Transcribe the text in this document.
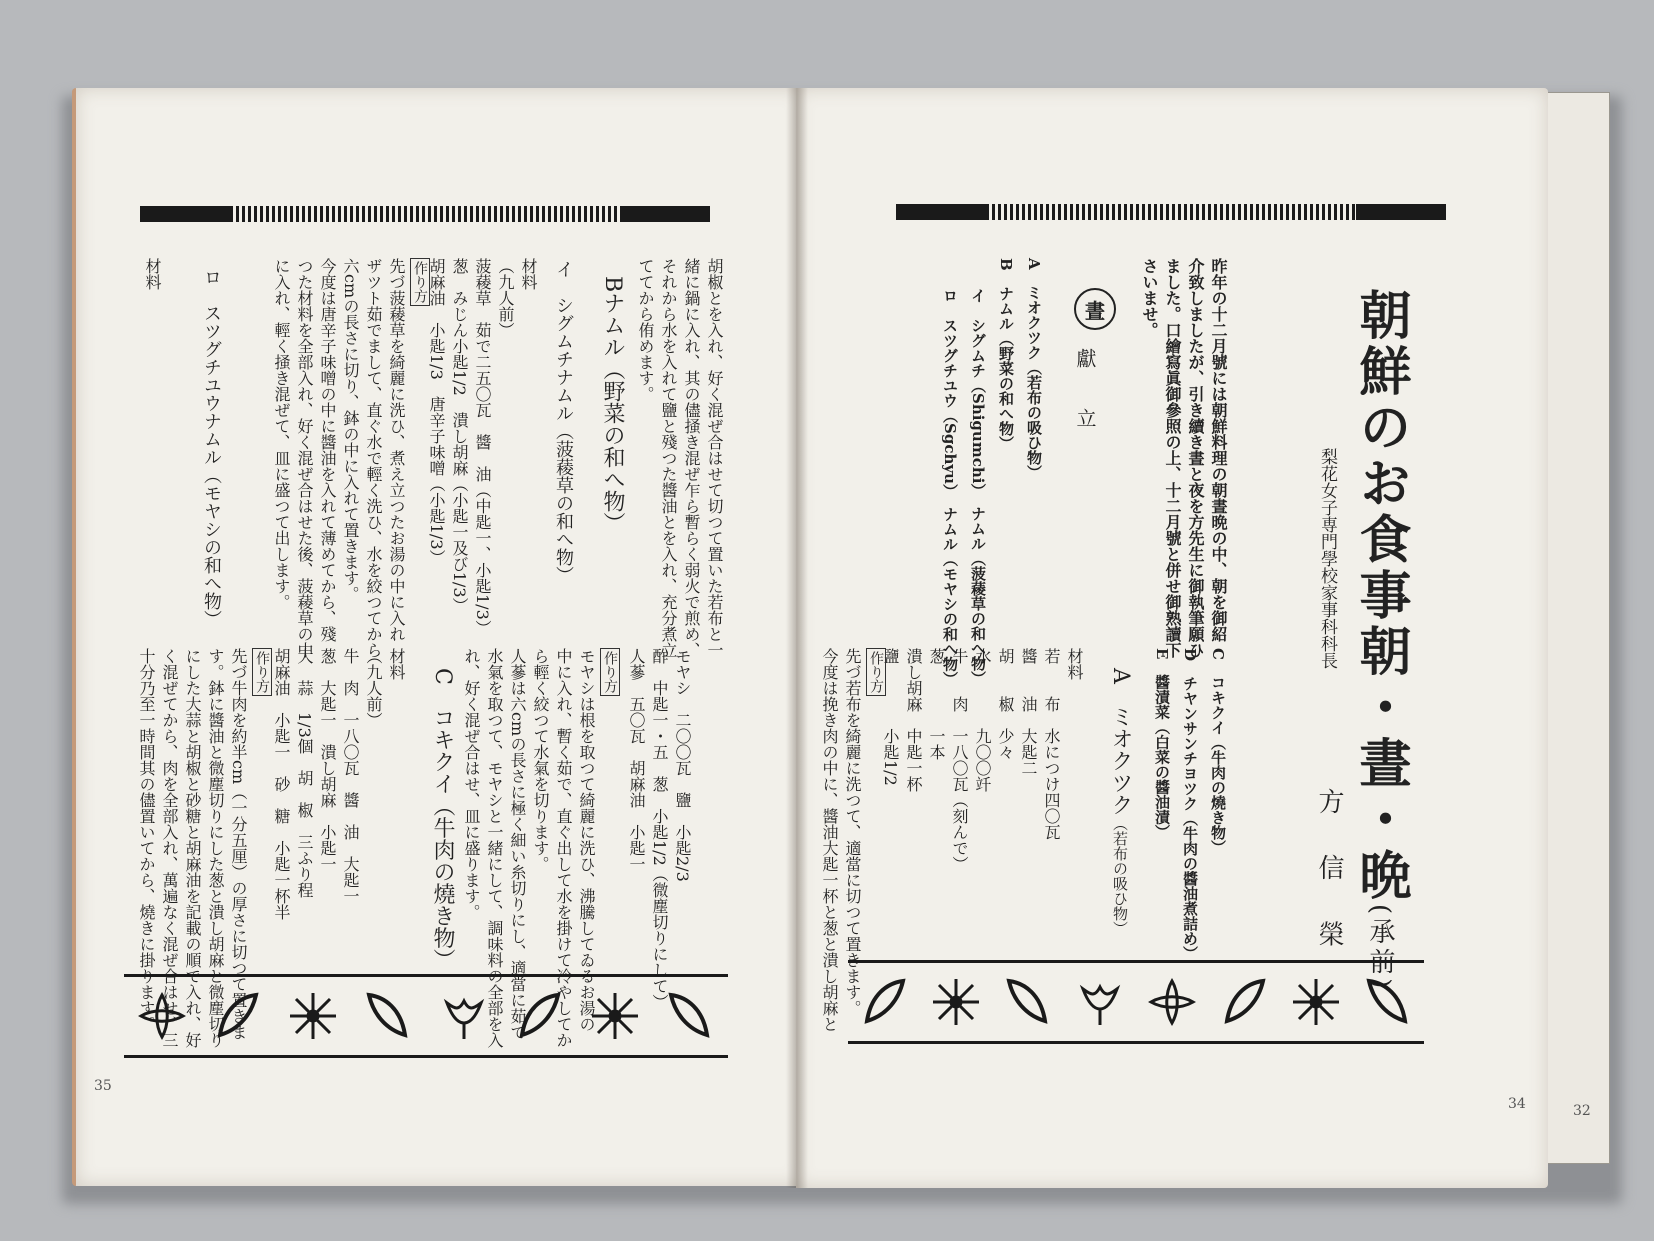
32
胡椒とを入れ、好く混ぜ合はせて切つて置いた若布と一
緒に鍋に入れ、其の儘掻き混ぜ乍ら暫らく弱火で煎め、
それから水を入れて鹽と殘つた醬油とを入れ、充分煮立
ててから侑めます。
Bナムル（野菜の和へ物）
イ　シグムチナムル（菠薐草の和へ物）
材料
（九人前）
菠薐草　茹で二五〇瓦　醬　油（中匙一、小匙1/3）
葱　みじん小匙1/2　潰し胡麻（小匙一及び1/3）
胡麻油　小匙1/3　唐辛子味噌（小匙1/3）
作り方
先づ菠薐草を綺麗に洗ひ、煮え立つたお湯の中に入れ
ザツト茹でまして、直ぐ水で輕く洗ひ、水を絞つてから
六cmの長さに切り、鉢の中に入れて置きます。
今度は唐辛子味噌の中に醬油を入れて薄めてから、殘
つた材料を全部入れ、好く混ぜ合はせた後、菠薐草の中
に入れ、輕く掻き混ぜて、皿に盛つて出します。
ロ　スツグチユウナムル（モヤシの和へ物）
材料
モヤシ　二〇〇瓦　鹽　小匙2/3
酢　中匙一・五　葱　小匙1/2（微塵切りにして）
人蔘　五〇瓦　胡麻油　小匙一
作り方
モヤシは根を取つて綺麗に洗ひ、沸騰してゐるお湯の
中に入れ、暫く茹で、直ぐ出して水を掛けて冷やしてか
ら輕く絞つて水氣を切ります。
人蔘は六cmの長さに極く細い糸切りにし、適當に茹で
水氣を取つて、モヤシと一緒にして、調味料の全部を入
れ、好く混ぜ合はせ、皿に盛ります。
C　コキクイ（牛肉の燒き物）
材料
（九人前）
牛　肉　一八〇瓦　醬　油　大匙一
葱　大匙一　潰し胡麻　小匙一
大　蒜　1/3個　胡　椒　三ふり程
胡麻油　小匙一　砂　糖　小匙一杯半
作り方
先づ牛肉を約半cm（一分五厘）の厚さに切つて置きま
す。鉢に醬油と微塵切りにした葱と潰し胡麻と微塵切り
にした大蒜と胡椒と砂糖と胡麻油を記載の順で入れ、好
く混ぜてから、肉を全部入れ、萬遍なく混ぜ合はせ、三
十分乃至一時間其の儘置いてから、燒きに掛ります。
35
朝鮮のお食事朝・晝・晩(承前)
梨花女子専門學校家事科科長
方 信 榮
昨年の十二月號には朝鮮料理の朝晝晩の中、朝を御紹
介致しましたが、引き續き晝と夜を方先生に御執筆願ひ
ました。口繪寫眞御參照の上、十二月號と併せ御熟讀下
さいませ。
晝
獻　立
A　ミオクツク（若布の吸ひ物）
B　ナムル（野菜の和へ物）
　　イ　シグムチ（Shigumchi）　ナムル（菠薐草の和へ物）
　　ロ　スツグチユウ（Sgchyu）　ナムル（モヤシの和へ物）
C　コキクイ（牛肉の燒き物）
D　チヤンサンチヨツク（牛肉の醬油煮詰め）
E　醬漬菜（白菜の醬油漬）
A　ミオクツク（若布の吸ひ物）
材料
若　　布　水につけ四〇瓦
醬　　油　大匙二
胡　　椒　少々
水　　　　九〇〇竏
牛　　肉　一八〇瓦（刻んで）
葱　　　　一本
潰し胡麻　中匙一杯
鹽　　　　小匙1/2
作り方
先づ若布を綺麗に洗つて、適當に切つて置きます。
今度は挽き肉の中に、醬油大匙一杯と葱と潰し胡麻と
34
